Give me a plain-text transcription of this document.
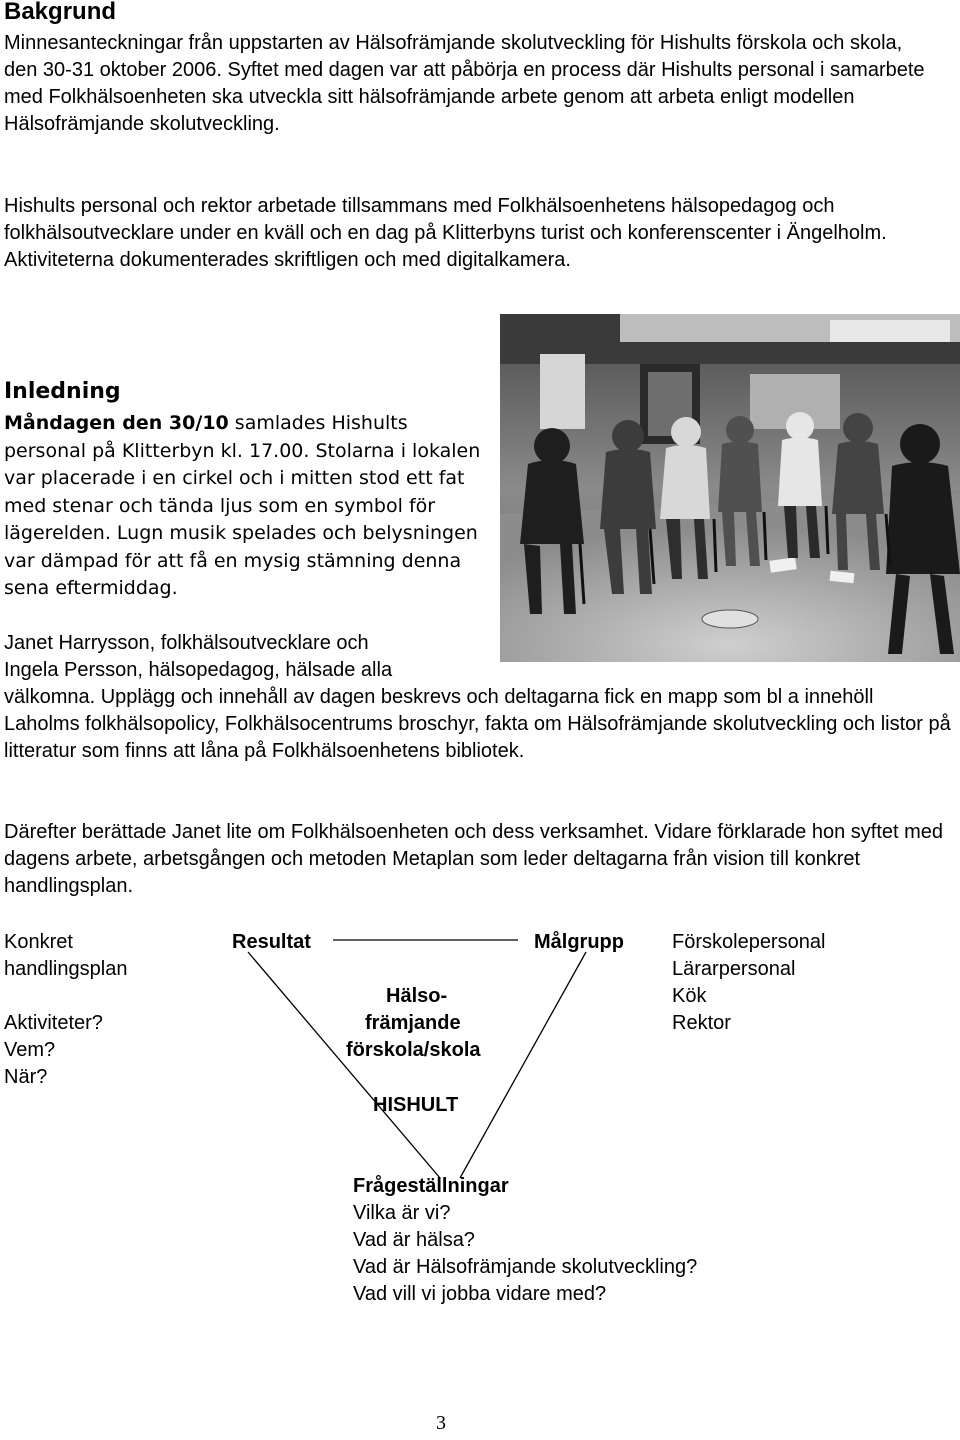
Bakgrund

Minnesanteckningar från uppstarten av Hälsofrämjande skolutveckling för Hishults förskola och skola, den 30-31 oktober 2006. Syftet med dagen var att påbörja en process där Hishults personal i samarbete med Folkhälsoenheten ska utveckla sitt hälsofrämjande arbete genom att arbeta enligt modellen Hälsofrämjande skolutveckling.

Hishults personal och rektor arbetade tillsammans med Folkhälsoenhetens hälsopedagog och folkhälsoutvecklare under en kväll och en dag på Klitterbyns turist och konferenscenter i Ängelholm. Aktiviteterna dokumenterades skriftligen och med digitalkamera.

Inledning

Måndagen den 30/10 samlades Hishults personal på Klitterbyn kl. 17.00. Stolarna i lokalen var placerade i en cirkel och i mitten stod ett fat med stenar och tända ljus som en symbol för lägerelden. Lugn musik spelades och belysningen var dämpad för att få en mysig stämning denna sena eftermiddag.

Janet Harrysson, folkhälsoutvecklare och
Ingela Persson, hälsopedagog, hälsade alla
välkomna. Upplägg och innehåll av dagen beskrevs och deltagarna fick en mapp som bl a innehöll Laholms folkhälsopolicy, Folkhälsocentrums broschyr, fakta om Hälsofrämjande skolutveckling och listor på litteratur som finns att låna på Folkhälsoenhetens bibliotek.

Därefter berättade Janet lite om Folkhälsoenheten och dess verksamhet. Vidare förklarade hon syftet med dagens arbete, arbetsgången och metoden Metaplan som leder deltagarna från vision till konkret handlingsplan.

Konkret

handlingsplan

Aktiviteter?

Vem?

När?

Resultat	Målgrupp

Hälso-

främjande

förskola/skola

HISHULT

Förskolepersonal

Lärarpersonal

Kök

Rektor

Frågeställningar

Vilka är vi?

Vad är hälsa?

Vad är Hälsofrämjande skolutveckling?

Vad vill vi jobba vidare med?

3
